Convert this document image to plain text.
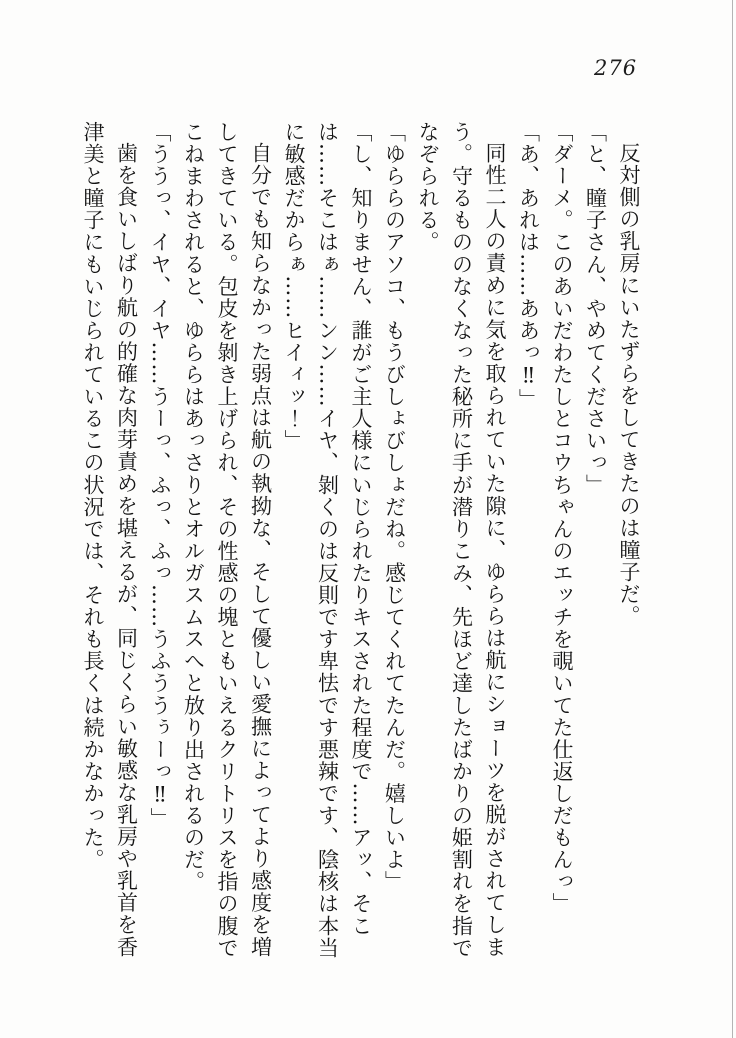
276

反対側の乳房にいたずらをしてきたのは瞳子だ。

「と、瞳子さん、やめてくださいっ」

「ダーメ。このあいだわたしとコウちゃんのエッチを覗いてた仕返しだもんっ」

「あ、あれは……ああっ‼」

同性二人の責めに気を取られていた隙に、ゆららは航にショーツを脱がされてしまう。守るもののなくなった秘所に手が潜りこみ、先ほど達したばかりの姫割れを指でなぞられる。

「ゆららのアソコ、もうびしょびしょだね。感じてくれてたんだ。嬉しいよ」

「し、知りません、誰がご主人様にいじられたりキスされた程度で……アッ、そこは……そこはぁ……ンン……イヤ、剝くのは反則です卑怯です悪辣です、陰核は本当に敏感だからぁ……ヒイィッ！」

自分でも知らなかった弱点は航の執拗な、そして優しい愛撫によってより感度を増してきている。包皮を剝き上げられ、その性感の塊ともいえるクリトリスを指の腹でこねまわされると、ゆららはあっさりとオルガスムスへと放り出されるのだ。

「ううっ、イヤ、イヤ……うーっ、ふっ、ふっ……うふううぅーっ‼」

歯を食いしばり航の的確な肉芽責めを堪えるが、同じくらい敏感な乳房や乳首を香津美と瞳子にもいじられているこの状況では、それも長くは続かなかった。
